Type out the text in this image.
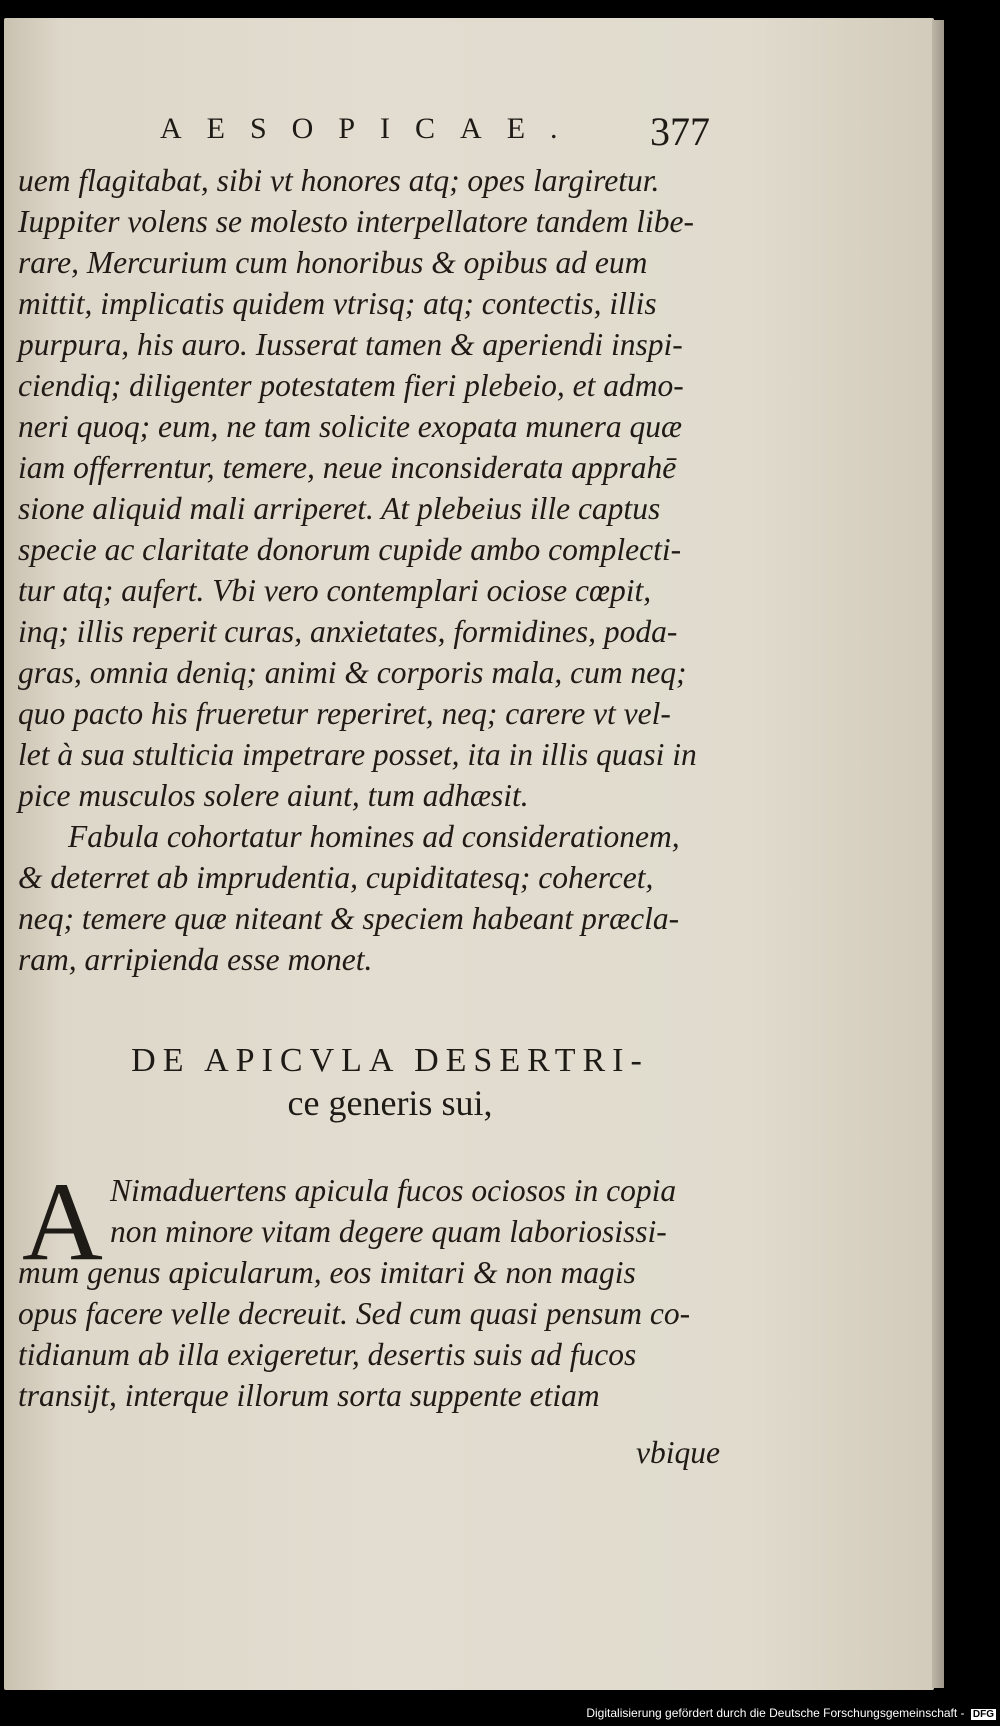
AESOPICAE.	377
uem flagitabat, sibi vt honores atq; opes largiretur.
Iuppiter volens se molesto interpellatore tandem libe-
rare, Mercurium cum honoribus & opibus ad eum
mittit, implicatis quidem vtrisq; atq; contectis, illis
purpura, his auro. Iusserat tamen & aperiendi inspi-
ciendiq; diligenter potestatem fieri plebeio, et admo-
neri quoq; eum, ne tam solicite exopata munera quæ
iam offerrentur, temere, neue inconsiderata apprahē
sione aliquid mali arriperet. At plebeius ille captus
specie ac claritate donorum cupide ambo complecti-
tur atq; aufert. Vbi vero contemplari ociose cœpit,
inq; illis reperit curas, anxietates, formidines, poda-
gras, omnia deniq; animi & corporis mala, cum neq;
quo pacto his frueretur reperiret, neq; carere vt vel-
let à sua stulticia impetrare posset, ita in illis quasi in
pice musculos solere aiunt, tum adhæsit.
Fabula cohortatur homines ad considerationem,
& deterret ab imprudentia, cupiditatesq; cohercet,
neq; temere quæ niteant & speciem habeant præcla-
ram, arripienda esse monet.
DE APICVLA DESERTRI-
ce generis sui,
A Nimaduertens apicula fucos ociosos in copia
non minore vitam degere quam laboriosissi-
mum genus apicularum, eos imitari & non magis
opus facere velle decreuit. Sed cum quasi pensum co-
tidianum ab illa exigeretur, desertis suis ad fucos
transijt, interque illorum sorta suppente etiam
vbique
Digitalisierung gefördert durch die Deutsche Forschungsgemeinschaft - DFG
